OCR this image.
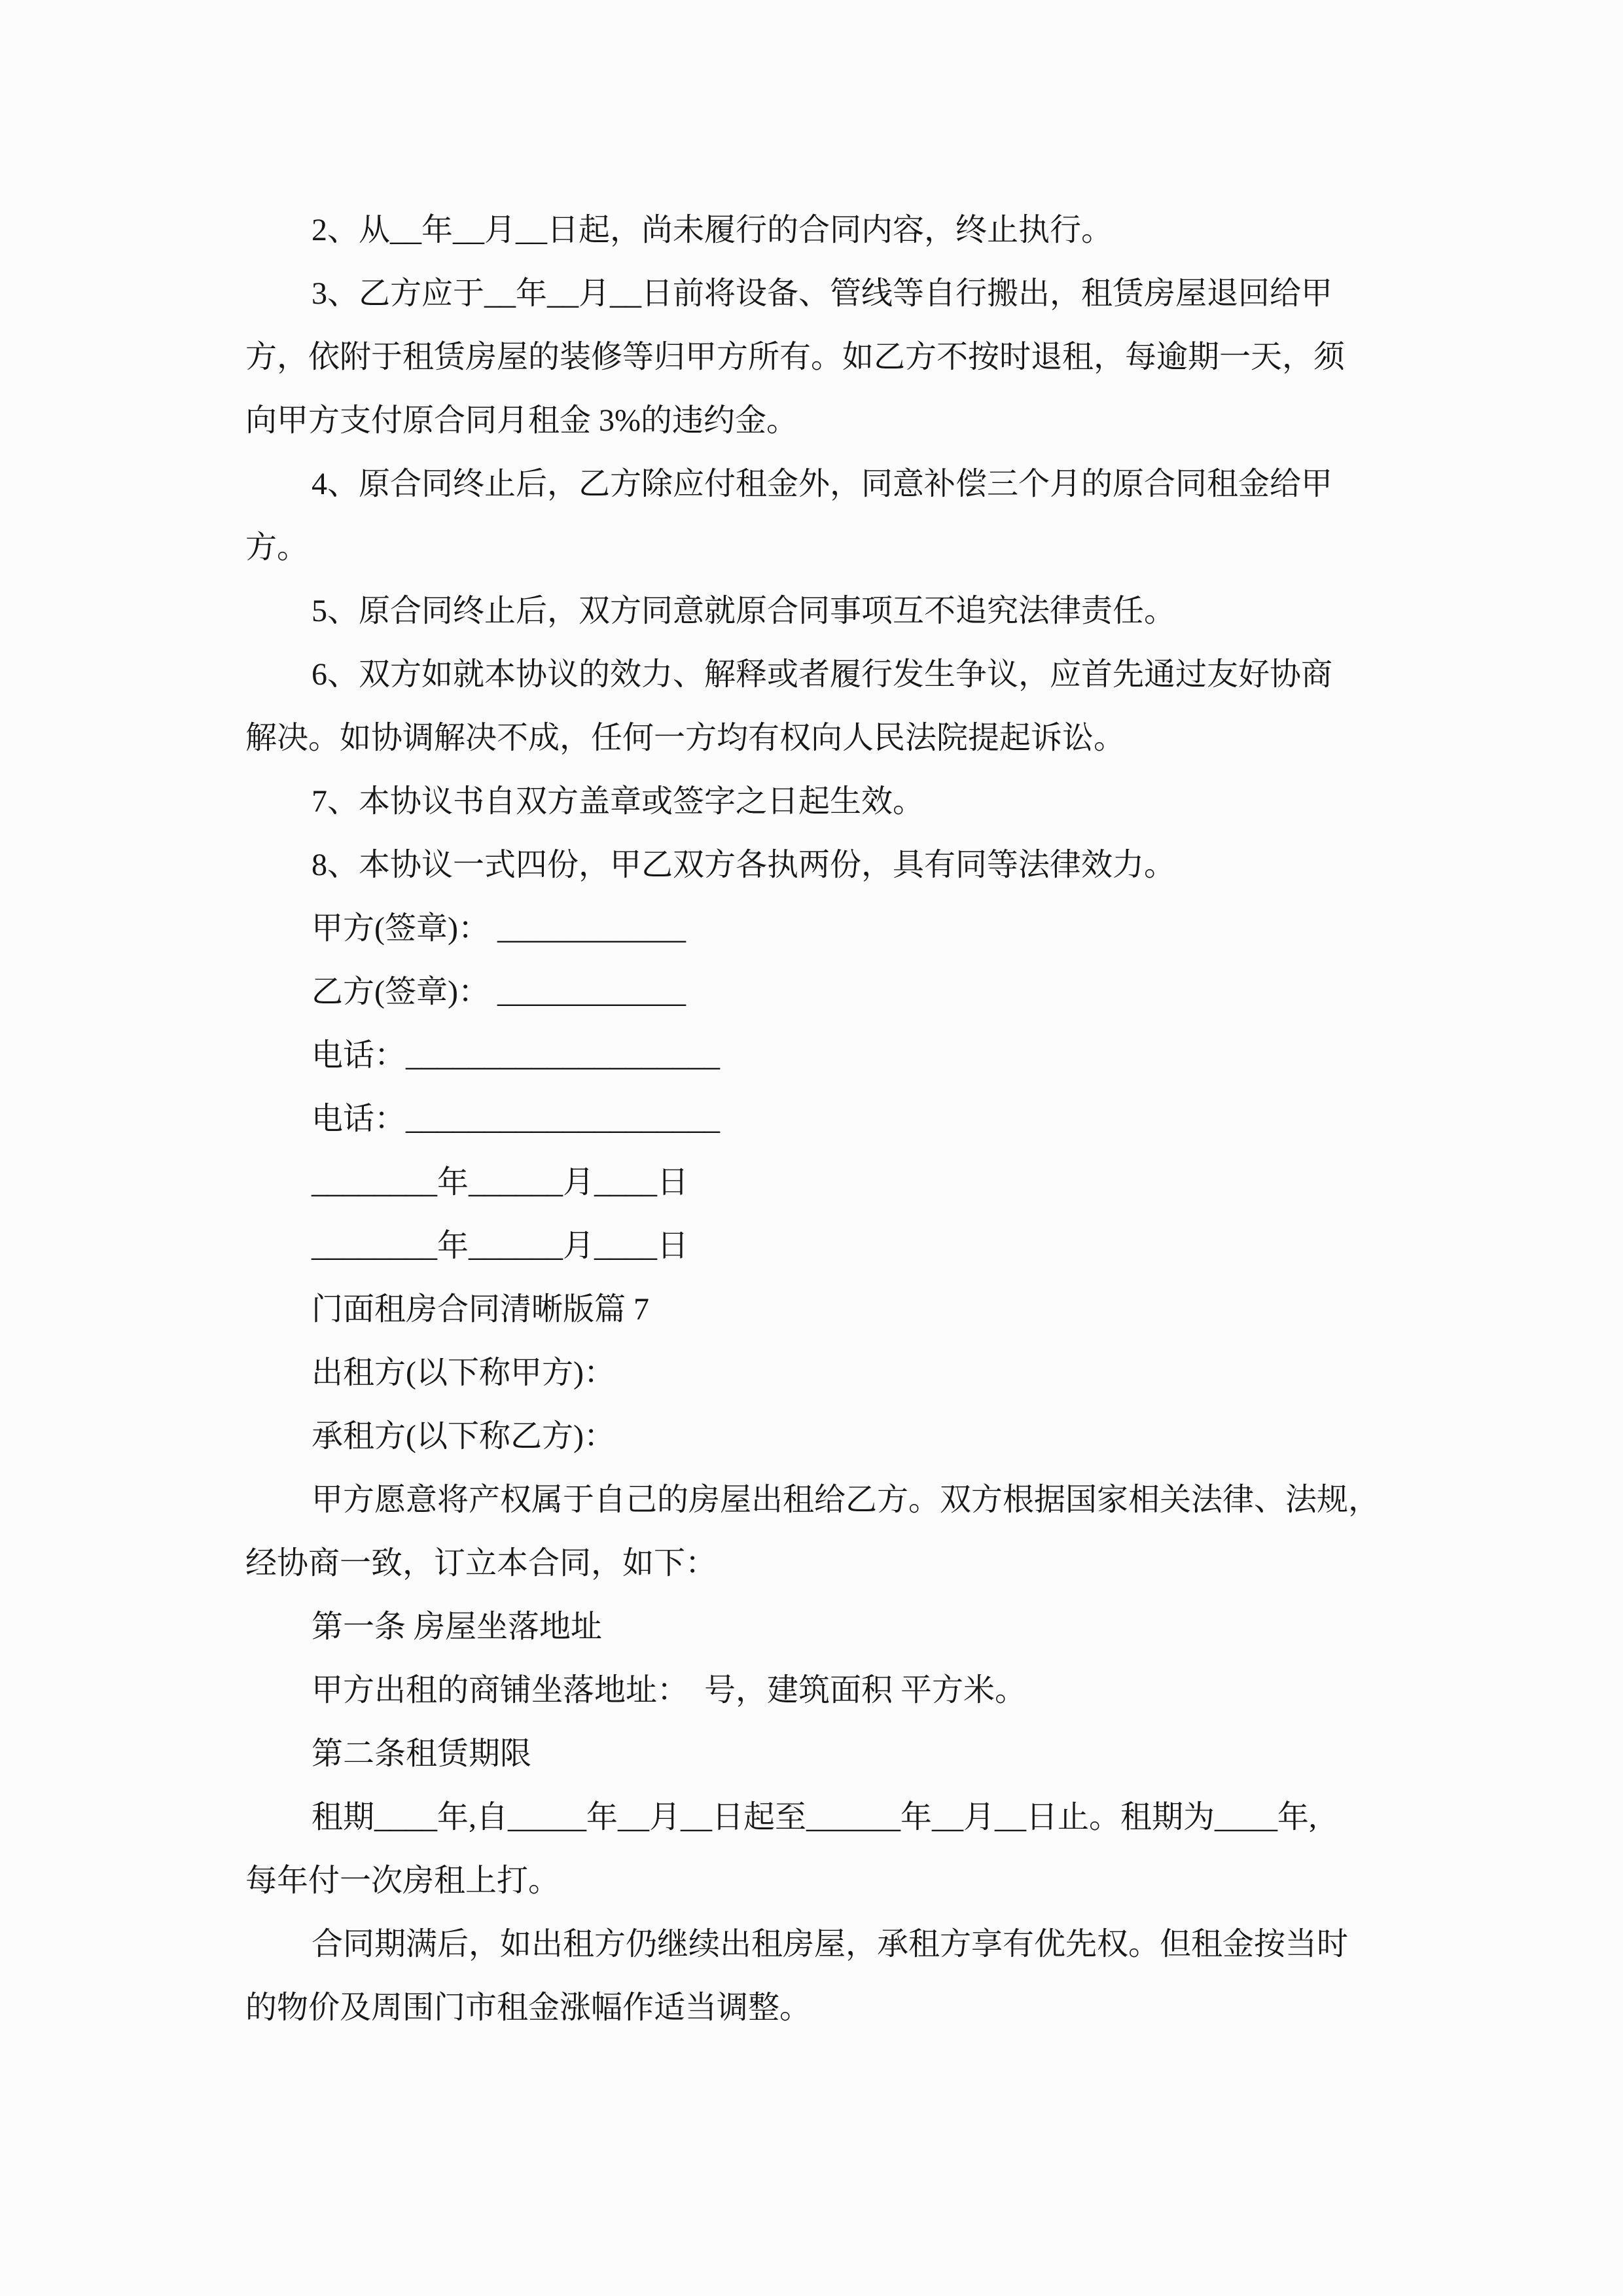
2、从__年__月__日起，尚未履行的合同内容，终止执行。

3、乙方应于__年__月__日前将设备、管线等自行搬出，租赁房屋退回给甲

方，依附于租赁房屋的装修等归甲方所有。如乙方不按时退租，每逾期一天，须

向甲方支付原合同月租金 3%的违约金。

4、原合同终止后，乙方除应付租金外，同意补偿三个月的原合同租金给甲

方。

5、原合同终止后，双方同意就原合同事项互不追究法律责任。

6、双方如就本协议的效力、解释或者履行发生争议，应首先通过友好协商

解决。如协调解决不成，任何一方均有权向人民法院提起诉讼。

7、本协议书自双方盖章或签字之日起生效。

8、本协议一式四份，甲乙双方各执两份，具有同等法律效力。

甲方(签章)： ____________

乙方(签章)： ____________

电话：____________________

电话：____________________

________年______月____日

________年______月____日

门面租房合同清晰版篇 7

出租方(以下称甲方)：

承租方(以下称乙方)：

甲方愿意将产权属于自己的房屋出租给乙方。双方根据国家相关法律、法规，

经协商一致，订立本合同，如下：

第一条 房屋坐落地址

甲方出租的商铺坐落地址：  号，建筑面积 平方米。

第二条租赁期限

租期____年,自_____年__月__日起至______年__月__日止。租期为____年,

每年付一次房租上打。

合同期满后，如出租方仍继续出租房屋，承租方享有优先权。但租金按当时

的物价及周围门市租金涨幅作适当调整。
